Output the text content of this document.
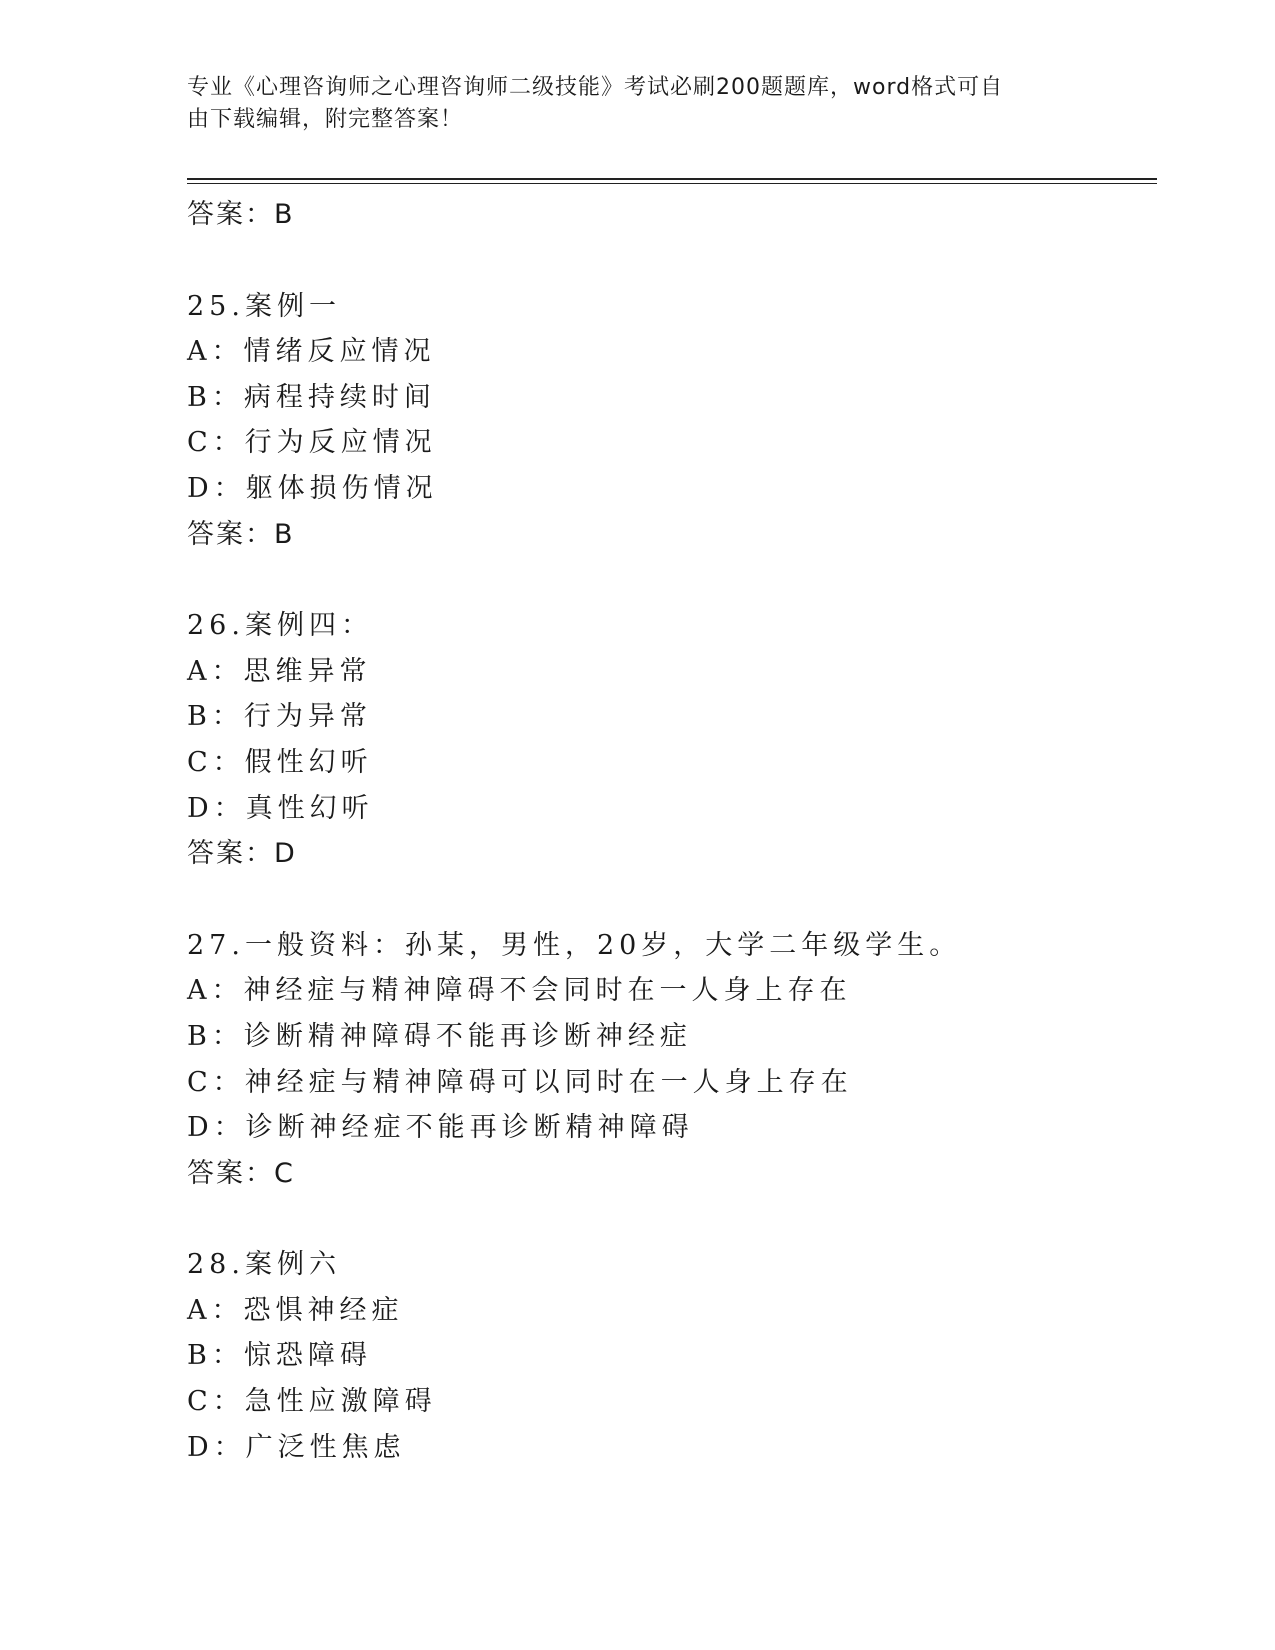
专业《心理咨询师之心理咨询师二级技能》考试必刷200题题库，word格式可自
由下载编辑，附完整答案！
答案：B
25.案例一
A：情绪反应情况
B：病程持续时间
C：行为反应情况
D：躯体损伤情况
答案：B
26.案例四：
A：思维异常
B：行为异常
C：假性幻听
D：真性幻听
答案：D
27.一般资料：孙某，男性，20岁，大学二年级学生。
A：神经症与精神障碍不会同时在一人身上存在
B：诊断精神障碍不能再诊断神经症
C：神经症与精神障碍可以同时在一人身上存在
D：诊断神经症不能再诊断精神障碍
答案：C
28.案例六
A：恐惧神经症
B：惊恐障碍
C：急性应激障碍
D：广泛性焦虑
